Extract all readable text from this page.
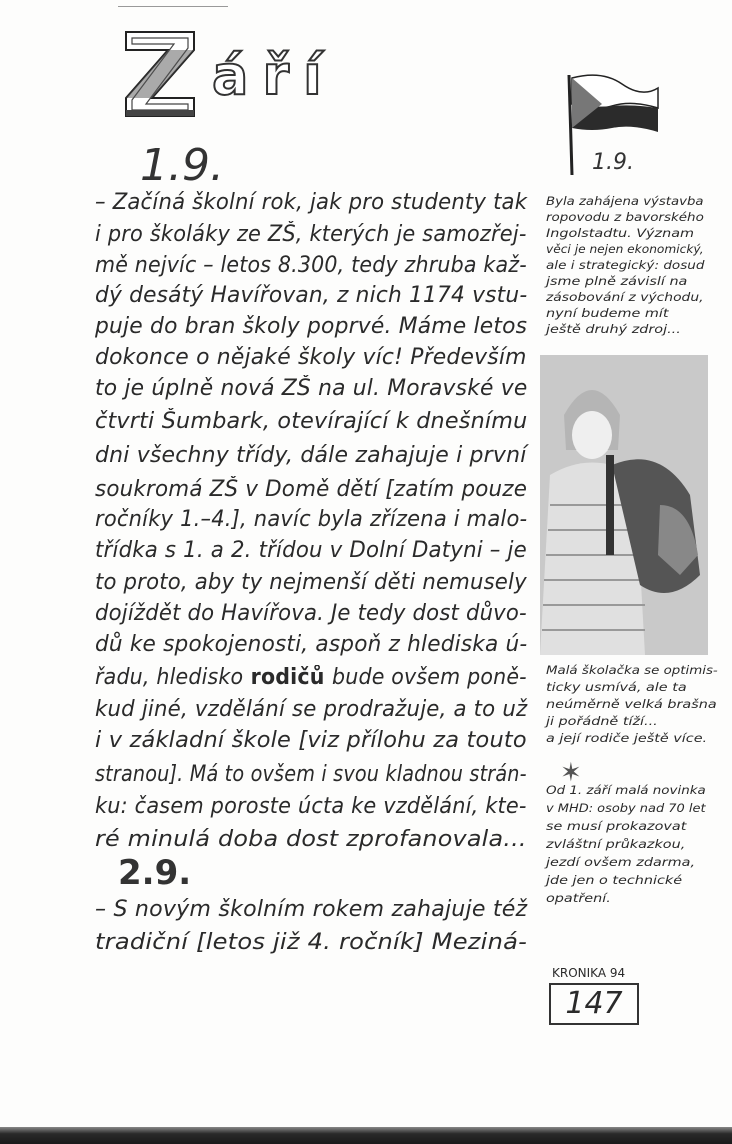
áří
1.9.
– Začíná školní rok, jak pro studenty tak
i pro školáky ze ZŠ, kterých je samozřej-
mě nejvíc – letos 8.300, tedy zhruba kaž-
dý desátý Havířovan, z nich 1174 vstu-
puje do bran školy poprvé. Máme letos
dokonce o nějaké školy víc! Především
to je úplně nová ZŠ na ul. Moravské ve
čtvrti Šumbark, otevírající k dnešnímu
dni všechny třídy, dále zahajuje i první
soukromá ZŠ v Domě dětí [zatím pouze
ročníky 1.–4.], navíc byla zřízena i malo-
třídka s 1. a 2. třídou v Dolní Datyni – je
to proto, aby ty nejmenší děti nemusely
dojíždět do Havířova. Je tedy dost důvo-
dů ke spokojenosti, aspoň z hlediska ú-
řadu, hledisko rodičů bude ovšem poně-
kud jiné, vzdělání se prodražuje, a to už
i v základní škole [viz přílohu za touto
stranou]. Má to ovšem i svou kladnou strán-
ku: časem poroste úcta ke vzdělání, kte-
ré minulá doba dost zprofanovala...
2.9.
– S novým školním rokem zahajuje též
tradiční [letos již 4. ročník] Meziná-
1.9.
Byla zahájena výstavba
ropovodu z bavorského
Ingolstadtu. Význam
věci je nejen ekonomický,
ale i strategický: dosud
jsme plně závislí na
zásobování z východu,
nyní budeme mít
ještě druhý zdroj...
Malá školačka se optimis-
ticky usmívá, ale ta
neúměrně velká brašna
ji pořádně tíží...
a její rodiče ještě více.
✶
Od 1. září malá novinka
v MHD: osoby nad 70 let
se musí prokazovat
zvláštní průkazkou,
jezdí ovšem zdarma,
jde jen o technické
opatření.
KRONIKA 94
147
